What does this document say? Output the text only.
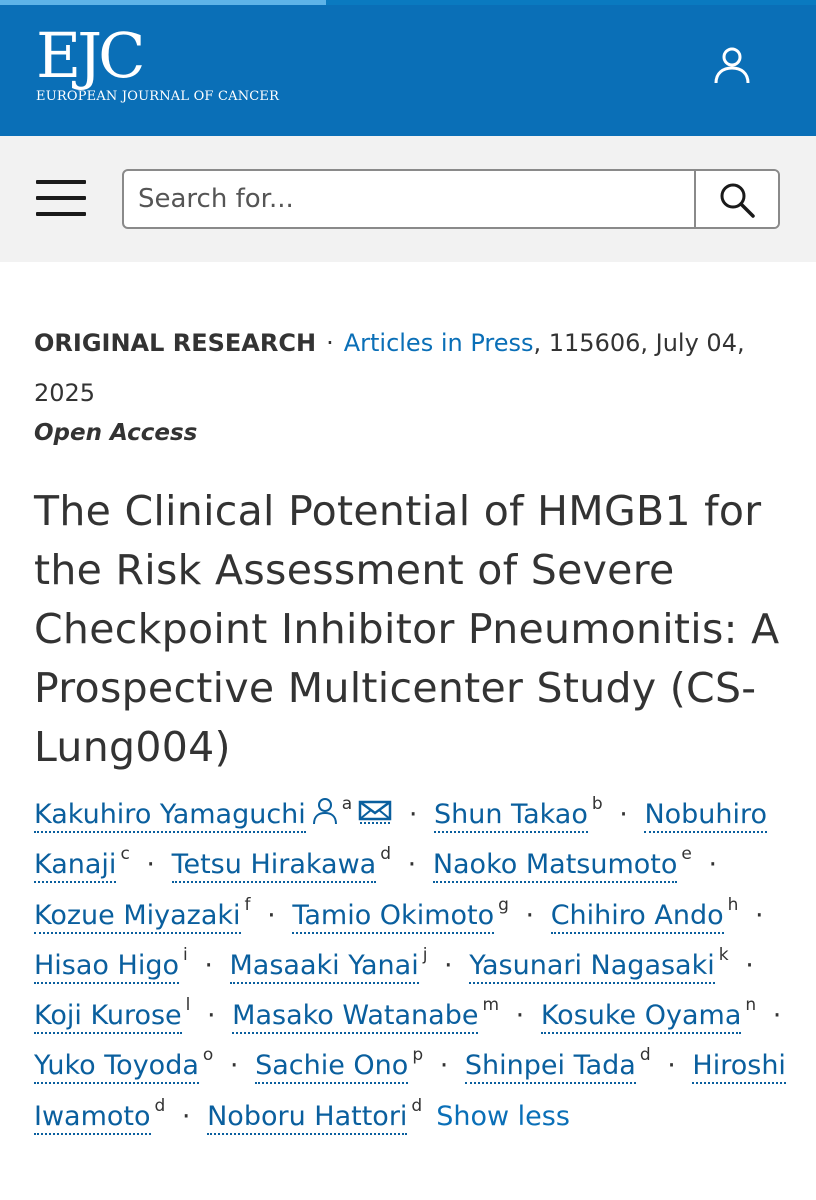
EJC
EUROPEAN JOURNAL OF CANCER
Search for...
ORIGINAL RESEARCH · Articles in Press, 115606, July 04, 2025
Open Access
The Clinical Potential of HMGB1 for the Risk Assessment of Severe Checkpoint Inhibitor Pneumonitis: A Prospective Multicenter Study (CS-Lung004)
Kakuhiro Yamaguchi $^a$ · Shun Takao $^b$ · Nobuhiro Kanaji $^c$ · Tetsu Hirakawa $^d$ · Naoko Matsumoto $^e$ · Kozue Miyazaki $^f$ · Tamio Okimoto $^g$ · Chihiro Ando $^h$ · Hisao Higo $^i$ · Masaaki Yanai $^j$ · Yasunari Nagasaki $^k$ · Koji Kurose $^l$ · Masako Watanabe $^m$ · Kosuke Oyama $^n$ · Yuko Toyoda $^o$ · Sachie Ono $^p$ · Shinpei Tada $^d$ · Hiroshi Iwamoto $^d$ · Noboru Hattori $^d$ Show less
